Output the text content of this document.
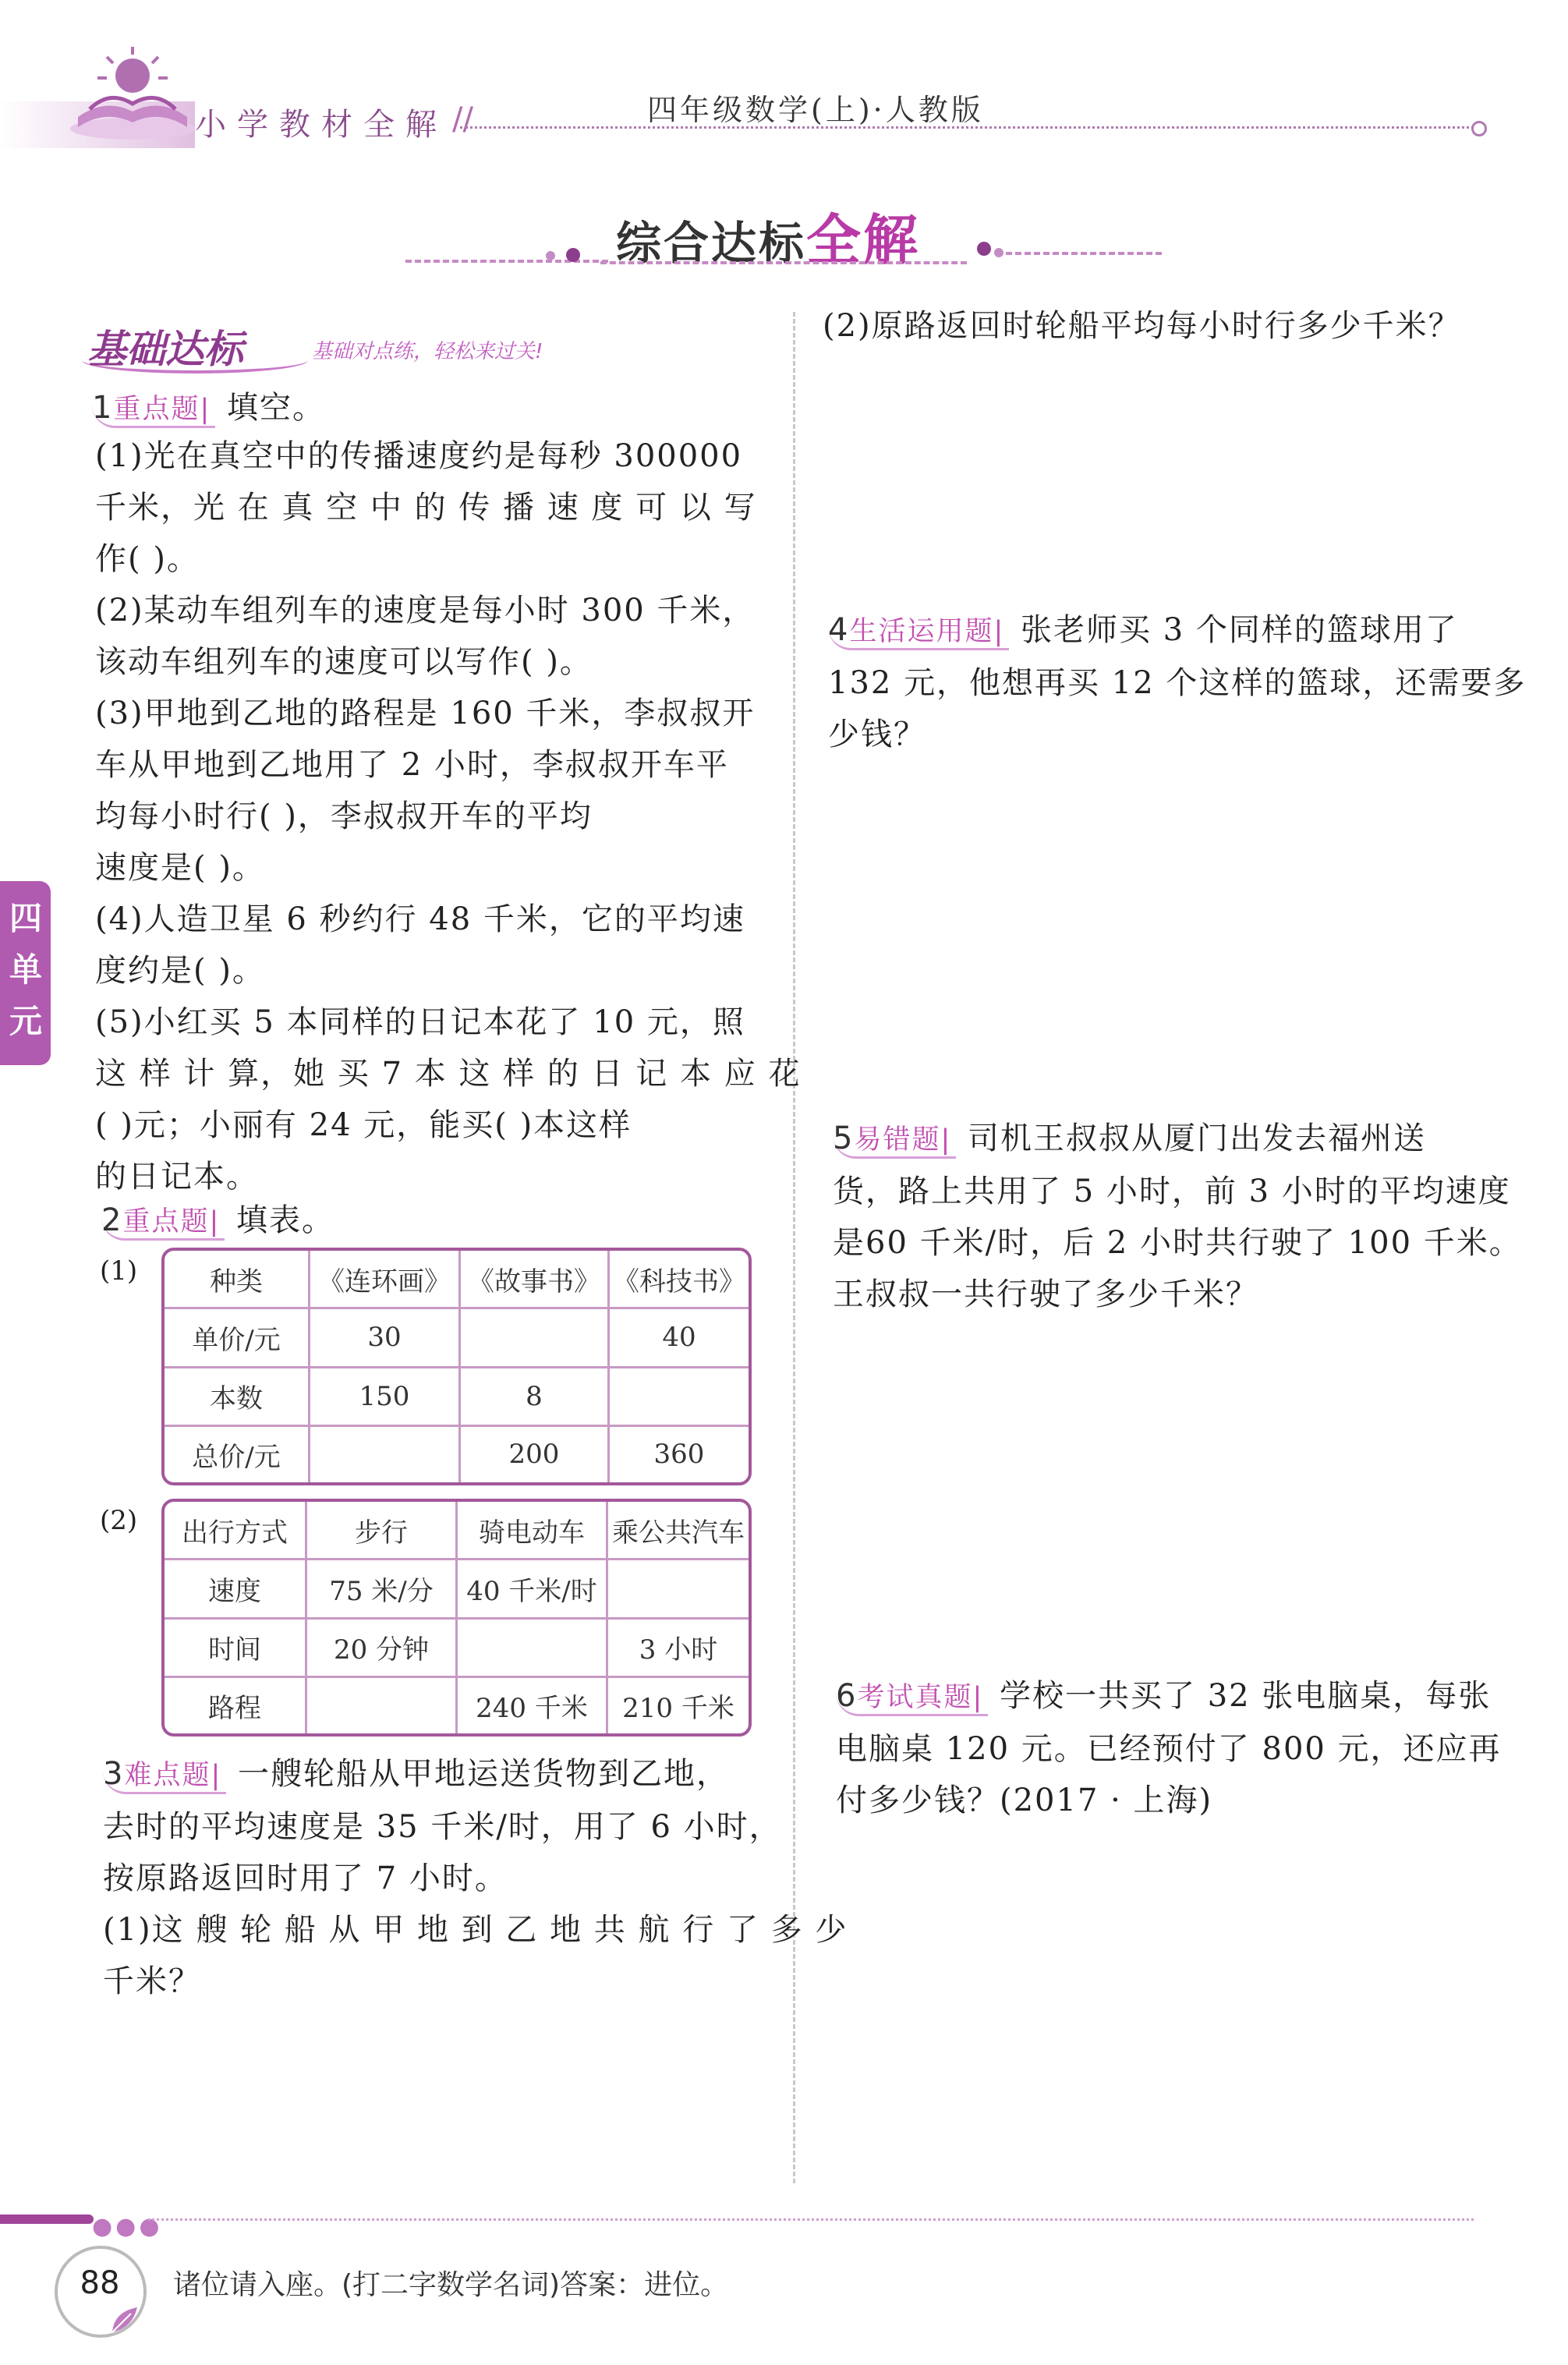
小学教材全解 //	四年级数学(上)·人教版
综合达标全解
基础达标	基础对点练，轻松来过关!
1重点题| 填空。
(1)光在真空中的传播速度约是每秒 300000
千米，光 在 真 空 中 的 传 播 速 度 可 以 写
作( )。
(2)某动车组列车的速度是每小时 300 千米，
该动车组列车的速度可以写作( )。
(3)甲地到乙地的路程是 160 千米，李叔叔开
车从甲地到乙地用了 2 小时，李叔叔开车平
均每小时行( )，李叔叔开车的平均
速度是( )。
(4)人造卫星 6 秒约行 48 千米，它的平均速
度约是( )。
(5)小红买 5 本同样的日记本花了 10 元，照
这 样 计 算，她 买 7 本 这 样 的 日 记 本 应 花
( )元；小丽有 24 元，能买( )本这样
的日记本。
2重点题| 填表。
(1)	种类	《连环画》	《故事书》	《科技书》
单价/元	30		40
本数	150	8	
总价/元		200	360
(2) 出行方式	步行	骑电动车	乘公共汽车
速度	75 米/分	40 千米/时	
时间	20 分钟		3 小时
路程		240 千米	210 千米
3难点题| 一艘轮船从甲地运送货物到乙地，
去时的平均速度是 35 千米/时，用了 6 小时，
按原路返回时用了 7 小时。
(1)这 艘 轮 船 从 甲 地 到 乙 地 共 航 行 了 多 少
千米？
(2)原路返回时轮船平均每小时行多少千米？
4生活运用题| 张老师买 3 个同样的篮球用了
132 元，他想再买 12 个这样的篮球，还需要多
少钱？
5易错题| 司机王叔叔从厦门出发去福州送
货，路上共用了 5 小时，前 3 小时的平均速度
是60 千米/时，后 2 小时共行驶了 100 千米。
王叔叔一共行驶了多少千米？
6考试真题| 学校一共买了 32 张电脑桌，每张
电脑桌 120 元。已经预付了 800 元，还应再
付多少钱？(2017 · 上海)
四
单
元
●●●
88	诸位请入座。(打二字数学名词)答案：进位。
